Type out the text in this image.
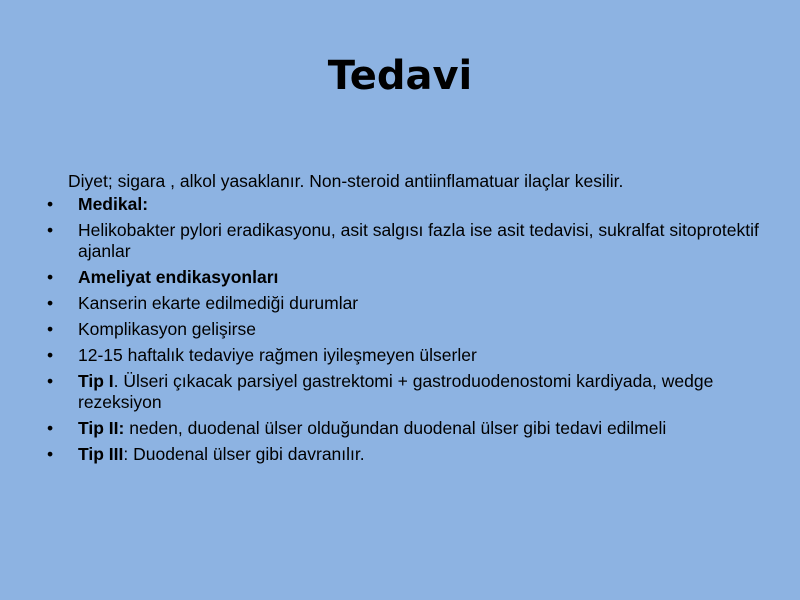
Tedavi

Diyet; sigara , alkol yasaklanır. Non-steroid antiinflamatuar ilaçlar kesilir.

• Medikal:
• Helikobakter pylori eradikasyonu, asit salgısı fazla ise asit tedavisi, sukralfat sitoprotektif ajanlar
• Ameliyat endikasyonları
• Kanserin ekarte edilmediği durumlar
• Komplikasyon gelişirse
• 12-15 haftalık tedaviye rağmen iyileşmeyen ülserler
• Tip I. Ülseri çıkacak parsiyel gastrektomi + gastroduodenostomi kardiyada, wedge rezeksiyon
• Tip II: neden, duodenal ülser olduğundan duodenal ülser gibi tedavi edilmeli
• Tip III: Duodenal ülser gibi davranılır.
